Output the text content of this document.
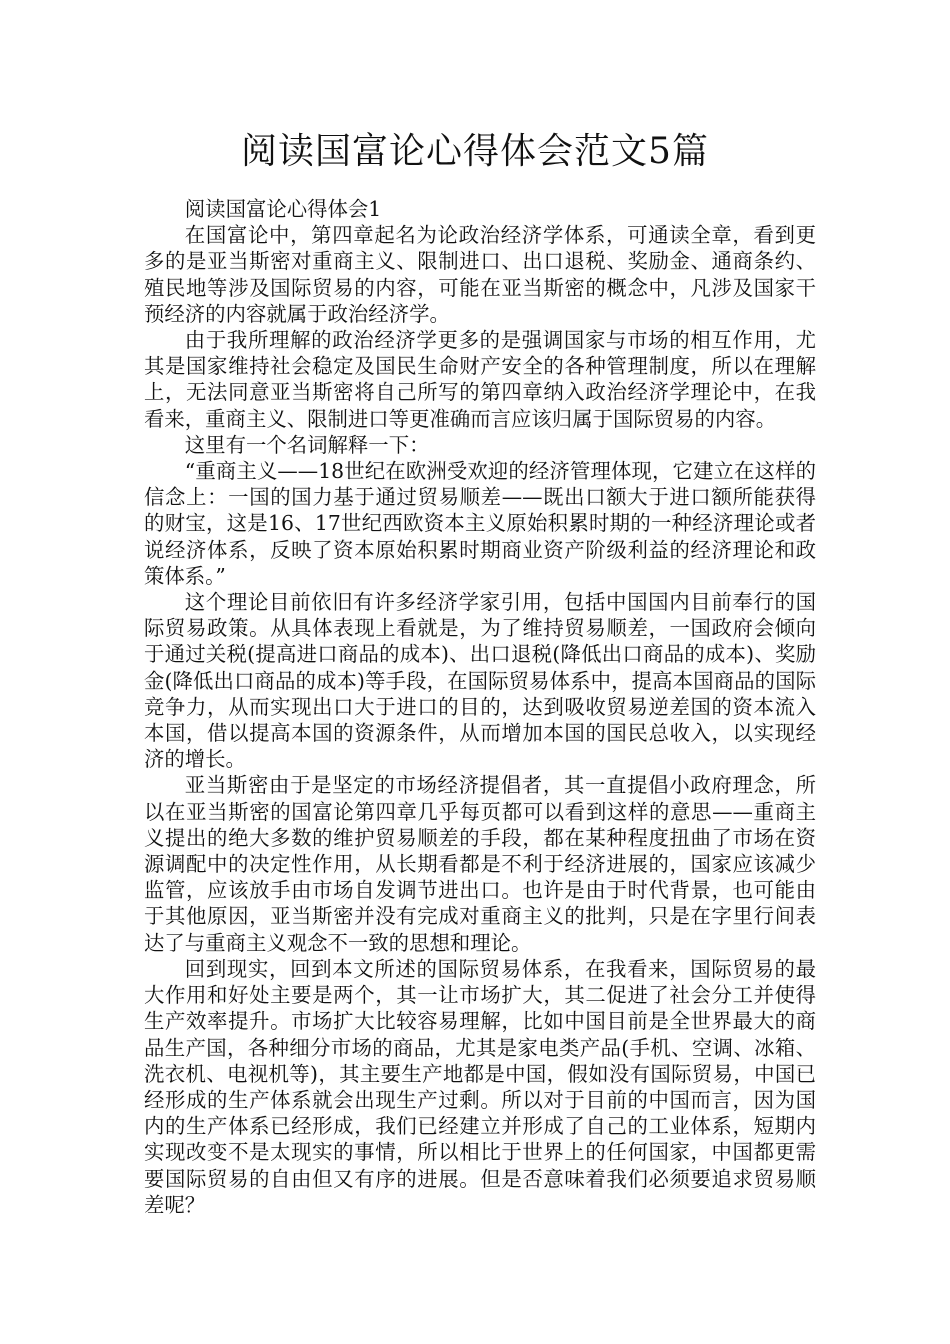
阅读国富论心得体会范文5篇

阅读国富论心得体会1

在国富论中，第四章起名为论政治经济学体系，可通读全章，看到更多的是亚当斯密对重商主义、限制进口、出口退税、奖励金、通商条约、殖民地等涉及国际贸易的内容，可能在亚当斯密的概念中，凡涉及国家干预经济的内容就属于政治经济学。

由于我所理解的政治经济学更多的是强调国家与市场的相互作用，尤其是国家维持社会稳定及国民生命财产安全的各种管理制度，所以在理解上，无法同意亚当斯密将自己所写的第四章纳入政治经济学理论中，在我看来，重商主义、限制进口等更准确而言应该归属于国际贸易的内容。

这里有一个名词解释一下：

“重商主义——18世纪在欧洲受欢迎的经济管理体现，它建立在这样的信念上：一国的国力基于通过贸易顺差——既出口额大于进口额所能获得的财宝，这是16、17世纪西欧资本主义原始积累时期的一种经济理论或者说经济体系，反映了资本原始积累时期商业资产阶级利益的经济理论和政策体系。”

这个理论目前依旧有许多经济学家引用，包括中国国内目前奉行的国际贸易政策。从具体表现上看就是，为了维持贸易顺差，一国政府会倾向于通过关税(提高进口商品的成本)、出口退税(降低出口商品的成本)、奖励金(降低出口商品的成本)等手段，在国际贸易体系中，提高本国商品的国际竞争力，从而实现出口大于进口的目的，达到吸收贸易逆差国的资本流入本国，借以提高本国的资源条件，从而增加本国的国民总收入，以实现经济的增长。

亚当斯密由于是坚定的市场经济提倡者，其一直提倡小政府理念，所以在亚当斯密的国富论第四章几乎每页都可以看到这样的意思——重商主义提出的绝大多数的维护贸易顺差的手段，都在某种程度扭曲了市场在资源调配中的决定性作用，从长期看都是不利于经济进展的，国家应该减少监管，应该放手由市场自发调节进出口。也许是由于时代背景，也可能由于其他原因，亚当斯密并没有完成对重商主义的批判，只是在字里行间表达了与重商主义观念不一致的思想和理论。

回到现实，回到本文所述的国际贸易体系，在我看来，国际贸易的最大作用和好处主要是两个，其一让市场扩大，其二促进了社会分工并使得生产效率提升。市场扩大比较容易理解，比如中国目前是全世界最大的商品生产国，各种细分市场的商品，尤其是家电类产品(手机、空调、冰箱、洗衣机、电视机等)，其主要生产地都是中国，假如没有国际贸易，中国已经形成的生产体系就会出现生产过剩。所以对于目前的中国而言，因为国内的生产体系已经形成，我们已经建立并形成了自己的工业体系，短期内实现改变不是太现实的事情，所以相比于世界上的任何国家，中国都更需要国际贸易的自由但又有序的进展。但是否意味着我们必须要追求贸易顺差呢？
